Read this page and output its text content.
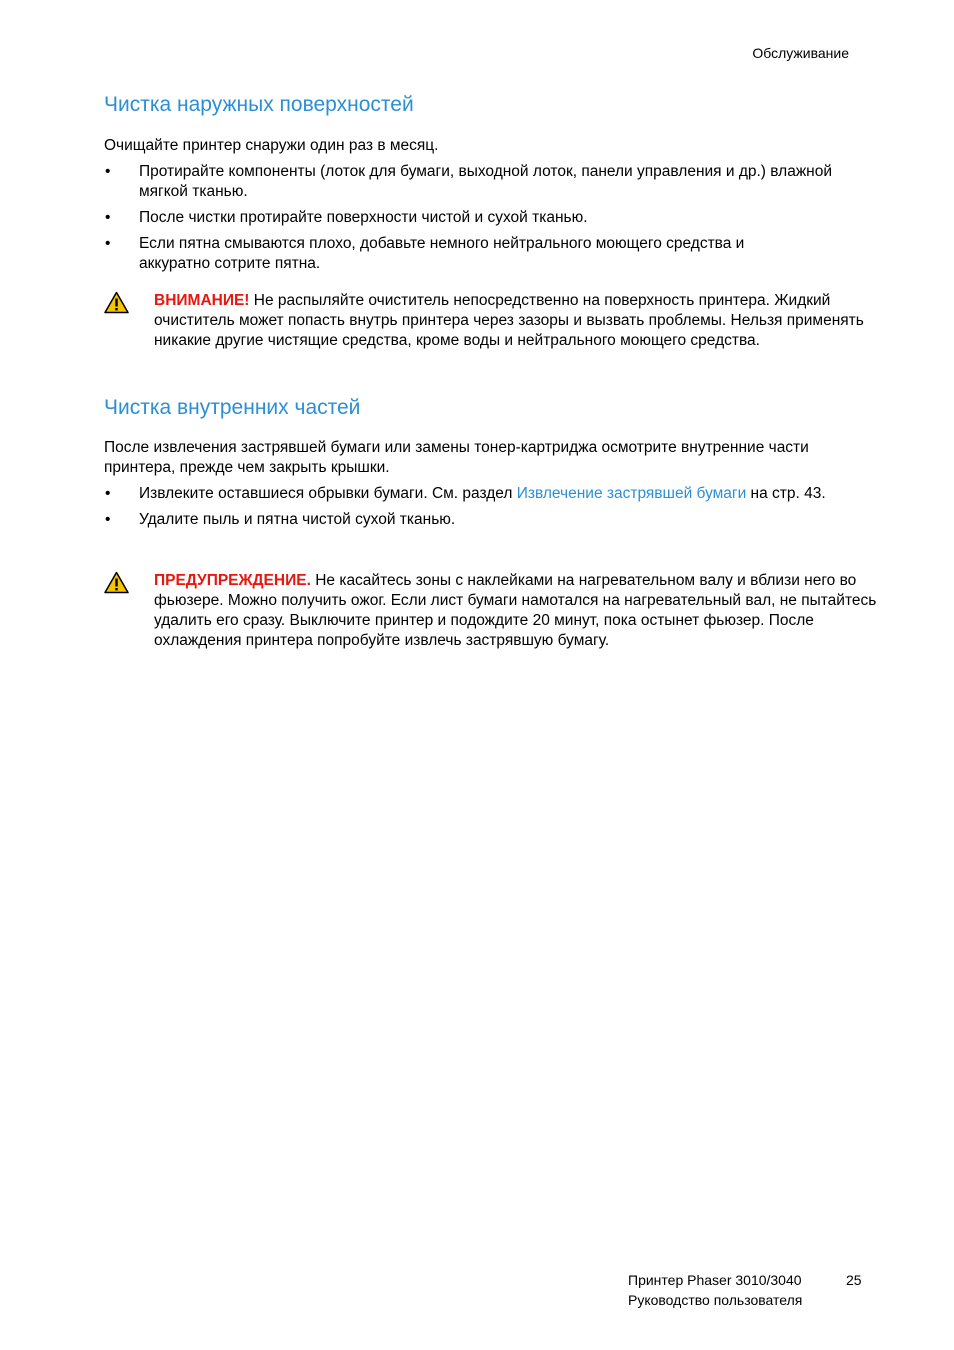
Обслуживание
Чистка наружных поверхностей

Очищайте принтер снаружи один раз в месяц.

• Протирайте компоненты (лоток для бумаги, выходной лоток, панели управления и др.) влажной мягкой тканью.
• После чистки протирайте поверхности чистой и сухой тканью.
• Если пятна смываются плохо, добавьте немного нейтрального моющего средства и аккуратно сотрите пятна.
ВНИМАНИЕ! Не распыляйте очиститель непосредственно на поверхность принтера. Жидкий очиститель может попасть внутрь принтера через зазоры и вызвать проблемы. Нельзя применять никакие другие чистящие средства, кроме воды и нейтрального моющего средства.
Чистка внутренних частей

После извлечения застрявшей бумаги или замены тонер-картриджа осмотрите внутренние части принтера, прежде чем закрыть крышки.

• Извлеките оставшиеся обрывки бумаги. См. раздел Извлечение застрявшей бумаги на стр. 43.
• Удалите пыль и пятна чистой сухой тканью.
ПРЕДУПРЕЖДЕНИЕ. Не касайтесь зоны с наклейками на нагревательном валу и вблизи него во фьюзере. Можно получить ожог. Если лист бумаги намотался на нагревательный вал, не пытайтесь удалить его сразу. Выключите принтер и подождите 20 минут, пока остынет фьюзер. После охлаждения принтера попробуйте извлечь застрявшую бумагу.
Принтер Phaser 3010/3040
Руководство пользователя
25
